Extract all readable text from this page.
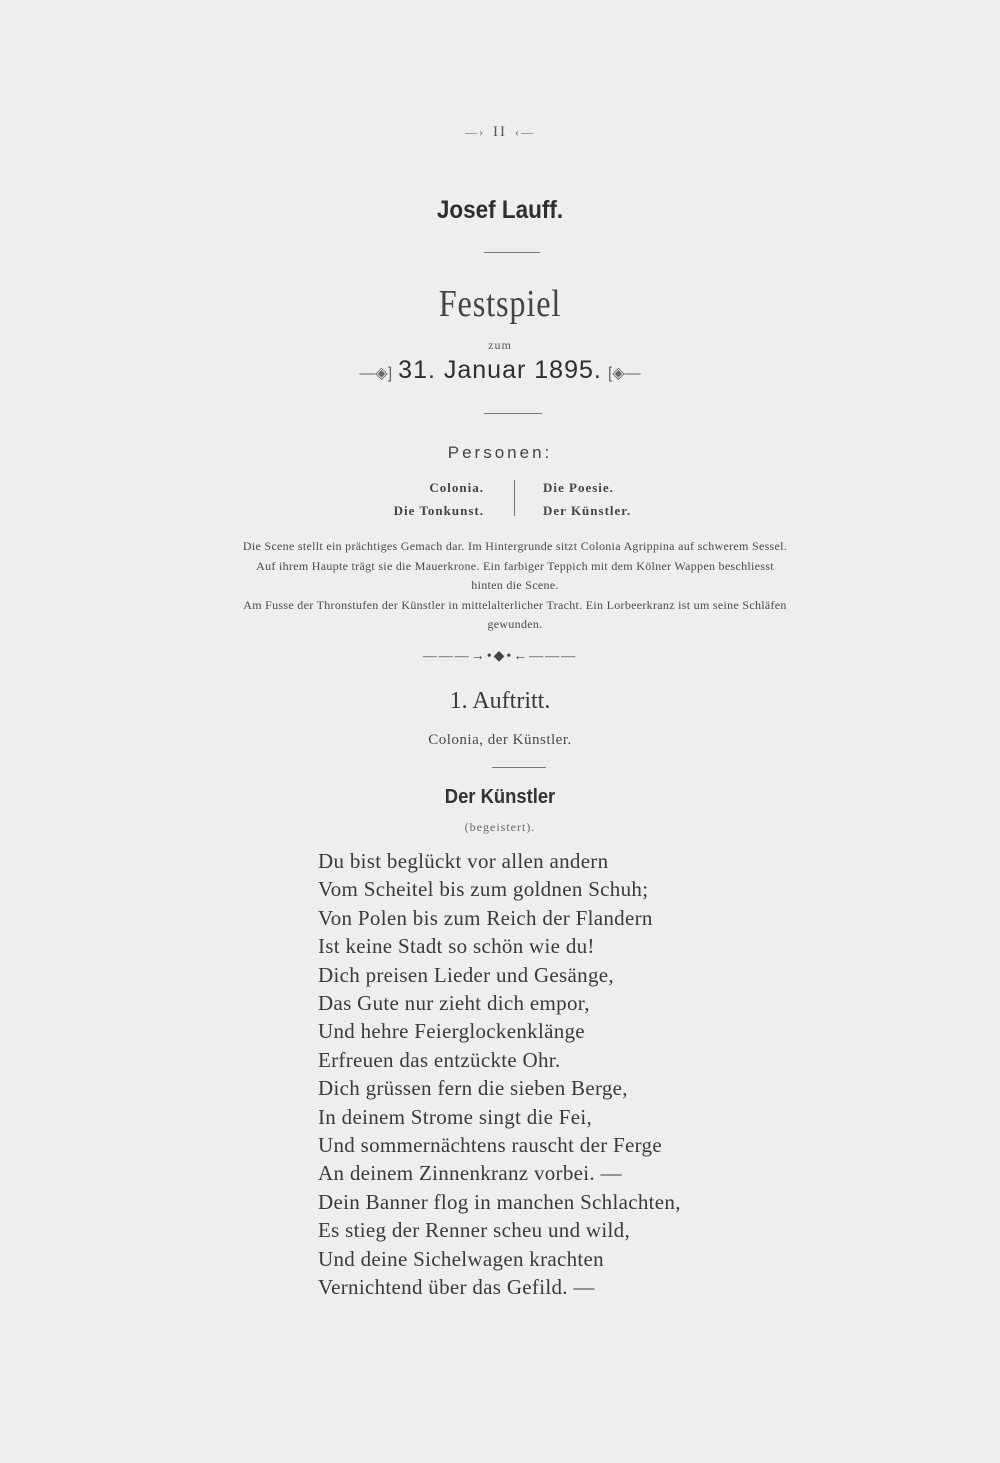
—› II ‹—
Josef Lauff.
Festspiel
zum
—◈] 31. Januar 1895. [◈—
Personen:
Colonia.
Die Tonkunst.
Die Poesie.
Der Künstler.

Die Scene stellt ein prächtiges Gemach dar. Im Hintergrunde sitzt Colonia Agrippina auf schwerem Sessel.

Auf ihrem Haupte trägt sie die Mauerkrone. Ein farbiger Teppich mit dem Kölner Wappen beschliesst

hinten die Scene.

Am Fusse der Thronstufen der Künstler in mittelalterlicher Tracht. Ein Lorbeerkranz ist um seine Schläfen

gewunden.

———→•◆•←———
1. Auftritt.
Colonia, der Künstler.
Der Künstler
(begeistert).
Du bist beglückt vor allen andern
Vom Scheitel bis zum goldnen Schuh;
Von Polen bis zum Reich der Flandern
Ist keine Stadt so schön wie du!
Dich preisen Lieder und Gesänge,
Das Gute nur zieht dich empor,
Und hehre Feierglockenklänge
Erfreuen das entzückte Ohr.
Dich grüssen fern die sieben Berge,
In deinem Strome singt die Fei,
Und sommernächtens rauscht der Ferge
An deinem Zinnenkranz vorbei. —
Dein Banner flog in manchen Schlachten,
Es stieg der Renner scheu und wild,
Und deine Sichelwagen krachten
Vernichtend über das Gefild. —
